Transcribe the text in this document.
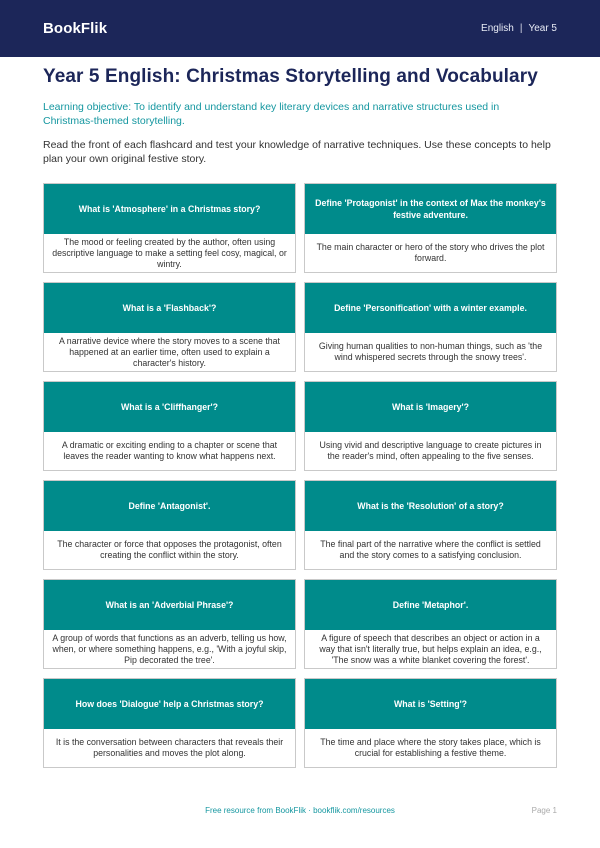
BookFlik	English | Year 5
Year 5 English: Christmas Storytelling and Vocabulary

Learning objective: To identify and understand key literary devices and narrative structures used in Christmas-themed storytelling.

Read the front of each flashcard and test your knowledge of narrative techniques. Use these concepts to help plan your own original festive story.

What is 'Atmosphere' in a Christmas story?
The mood or feeling created by the author, often using descriptive language to make a setting feel cosy, magical, or wintry.
Define 'Protagonist' in the context of Max the monkey's festive adventure.
The main character or hero of the story who drives the plot forward.
What is a 'Flashback'?
A narrative device where the story moves to a scene that happened at an earlier time, often used to explain a character's history.
Define 'Personification' with a winter example.
Giving human qualities to non-human things, such as 'the wind whispered secrets through the snowy trees'.
What is a 'Cliffhanger'?
A dramatic or exciting ending to a chapter or scene that leaves the reader wanting to know what happens next.
What is 'Imagery'?
Using vivid and descriptive language to create pictures in the reader's mind, often appealing to the five senses.
Define 'Antagonist'.
The character or force that opposes the protagonist, often creating the conflict within the story.
What is the 'Resolution' of a story?
The final part of the narrative where the conflict is settled and the story comes to a satisfying conclusion.
What is an 'Adverbial Phrase'?
A group of words that functions as an adverb, telling us how, when, or where something happens, e.g., 'With a joyful skip, Pip decorated the tree'.
Define 'Metaphor'.
A figure of speech that describes an object or action in a way that isn't literally true, but helps explain an idea, e.g., 'The snow was a white blanket covering the forest'.
How does 'Dialogue' help a Christmas story?
It is the conversation between characters that reveals their personalities and moves the plot along.
What is 'Setting'?
The time and place where the story takes place, which is crucial for establishing a festive theme.
Free resource from BookFlik · bookflik.com/resources	Page 1
